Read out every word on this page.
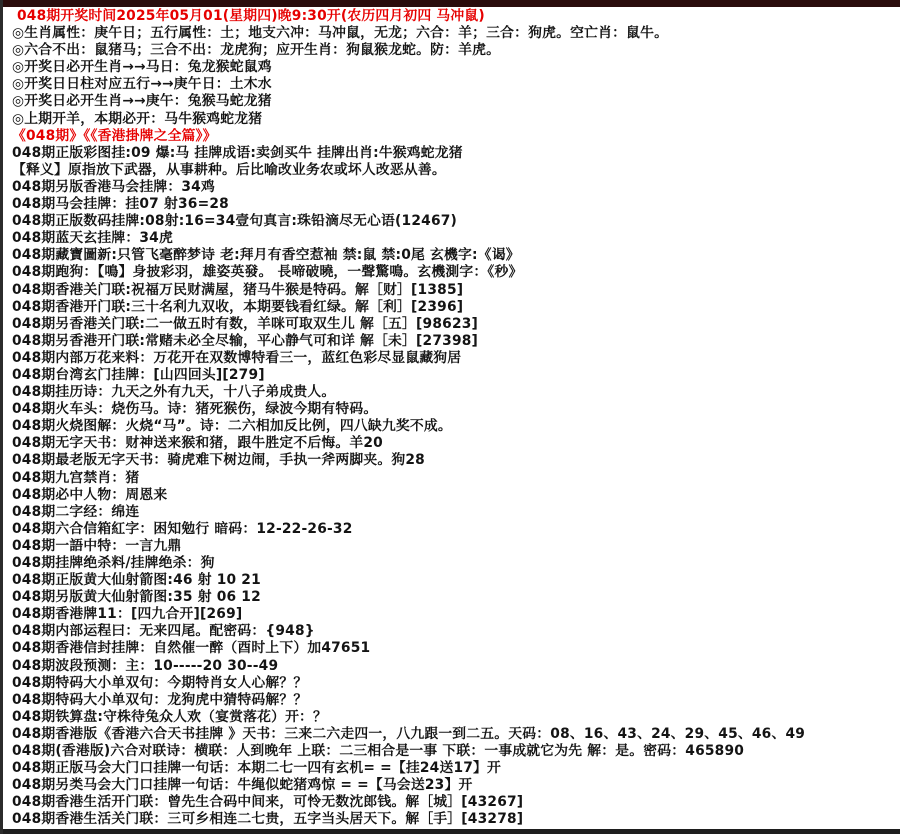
048期开奖时间2025年05月01(星期四)晚9:30开(农历四月初四 马冲鼠)
◎生肖属性：庚午日；五行属性：土；地支六冲：马冲鼠，无龙；六合：羊；三合：狗虎。空亡肖：鼠牛。
◎六合不出：鼠猪马；三合不出：龙虎狗；应开生肖：狗鼠猴龙蛇。防：羊虎。
◎开奖日必开生肖→→马日：兔龙猴蛇鼠鸡
◎开奖日日柱对应五行→→庚午日：土木水
◎开奖日必开生肖→→庚午：兔猴马蛇龙猪
◎上期开羊，本期必开：马牛猴鸡蛇龙猪
《048期》《《香港掛牌之全篇》》
048期正版彩图挂:09 爆:马 挂牌成语:卖剑买牛 挂牌出肖:牛猴鸡蛇龙猪
【释义】原指放下武器，从事耕种。后比喻改业务农或坏人改恶从善。
048期另版香港马会挂牌：34鸡
048期马会挂牌：挂07 射36=28
048期正版数码挂牌:08射:16=34壹句真言:珠铅滴尽无心语(12467)
048期蓝天玄挂牌：34虎
048期藏寶圖新:只管飞毫醉梦诗 老:拜月有香空惹袖 禁:鼠 禁:0尾 玄機字:《谒》
048期跑狗：【鳴】身披彩羽，雄姿英發。 長啼破曉，一聲驚鳴。玄機測字：《秒》
048期香港关门联:祝福万民财满屋，猪马牛猴是特码。解［财］[1385]
048期香港开门联:三十名利九双收，本期要钱看红绿。解［利］[2396]
048期另香港关门联:二一做五时有数，羊咪可取双生儿 解［五］[98623]
048期另香港开门联:常赌未必全尽输，平心静气可和详 解［未］[27398]
048期内部万花来料：万花开在双数博特看三一，蓝红色彩尽显鼠藏狗居
048期台湾玄门挂牌：[山四回头][279]
048期挂历诗：九天之外有九天，十八子弟成贵人。
048期火车头：烧伤马。诗：猪死猴伤，绿波今期有特码。
048期火烧图解：火烧“马”。诗：二六相加反比例，四八缺九奖不成。
048期无字天书：财神送来猴和猪，跟牛胜定不后悔。羊20
048期最老版无字天书：骑虎难下树边闹，手执一斧两脚夹。狗28
048期九宫禁肖：猪
048期必中人物：周恩来
048期二字经：绵连
048期六合信箱紅字：困知勉行 暗码：12-22-26-32
048期一語中特：一言九鼎
048期挂牌绝杀料/挂牌绝杀：狗
048期正版黄大仙射箭图:46 射 10 21
048期另版黄大仙射箭图:35 射 06 12
048期香港牌11：[四九合开][269]
048期内部运程曰：无来四尾。配密码：{948}
048期香港信封挂牌：自然催一醉（酉时上下）加47651
048期波段预测：主：10-----20 30--49
048期特码大小单双句：今期特肖女人心解？？
048期特码大小单双句：龙狗虎中猜特码解？？
048期铁算盘:守株待兔众人欢（宴赏落花）开：？
048期香港版《香港六合天书挂牌 》天书：三来二六走四一，八九跟一到二五。天码：08、16、43、24、29、45、46、49
048期(香港版)六合对联诗：横联：人到晚年 上联：二三相合是一事 下联：一事成就它为先 解：是。密码：465890
048期正版马会大门口挂牌一句话：本期二七一四有玄机= =【挂24送17】开
048期另类马会大门口挂牌一句话：牛绳似蛇猪鸡惊 = =【马会送23】开
048期香港生活开门联：曾先生合码中间来，可怜无数沈郎钱。解［城］[43267]
048期香港生活关门联：三可乡相连二七贵，五字当头居天下。解［手］[43278]
